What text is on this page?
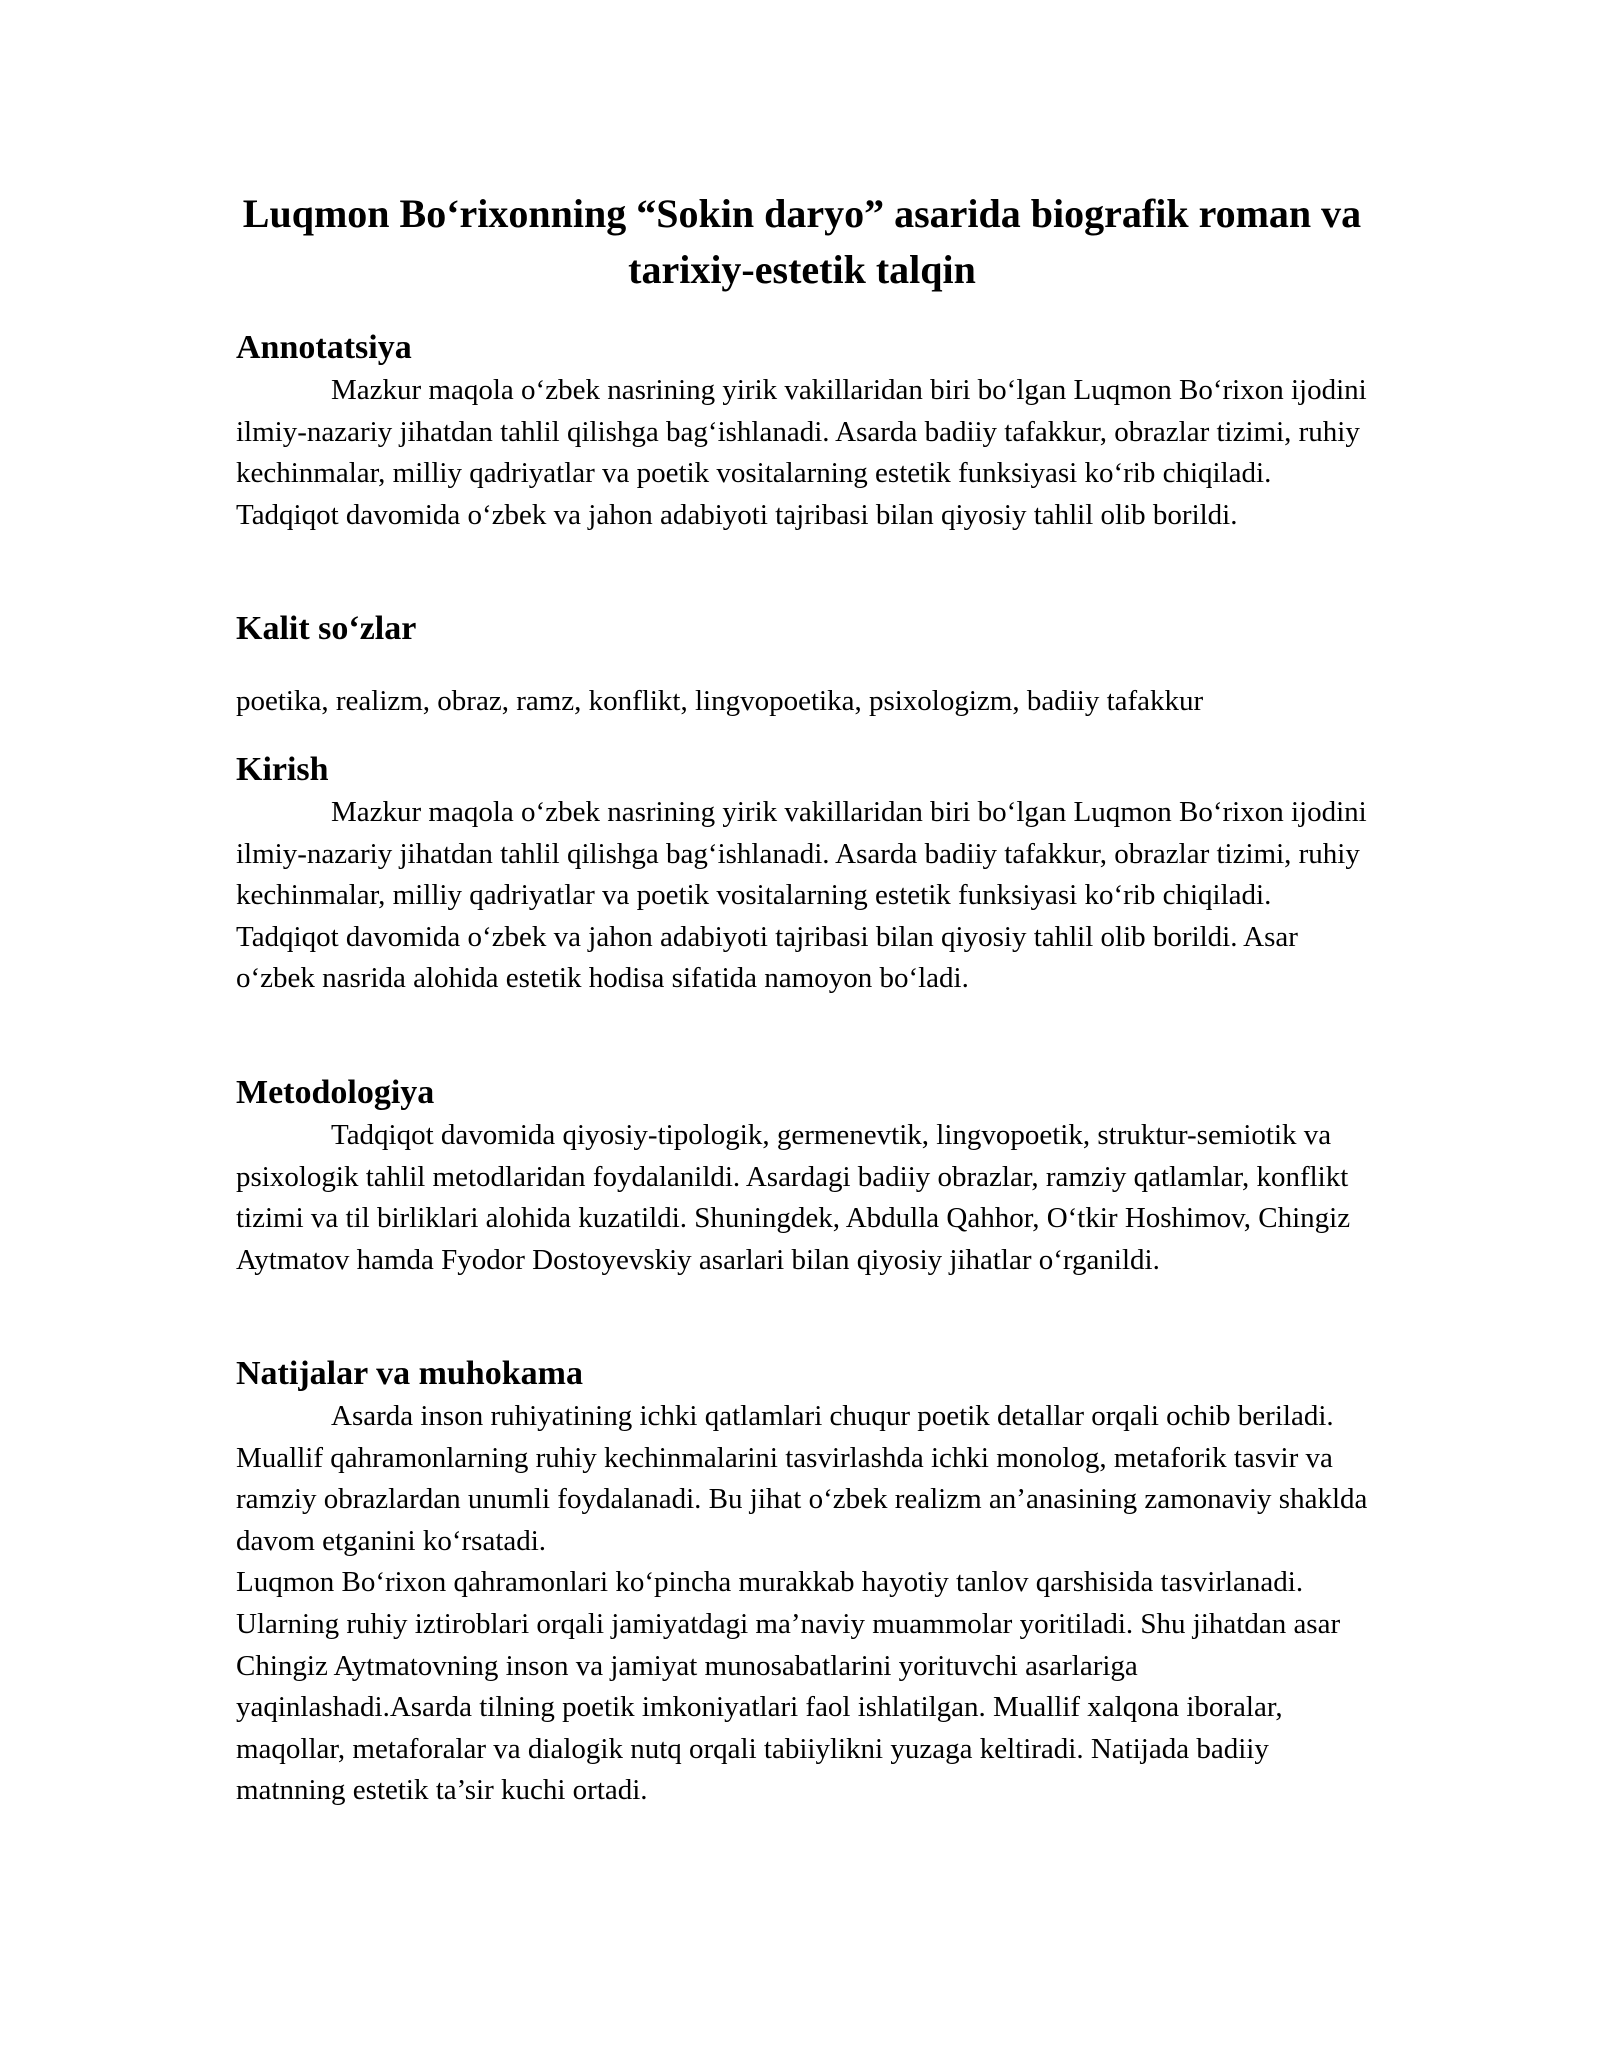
Luqmon Bo‘rixonning “Sokin daryo” asarida biografik roman va tarixiy-estetik talqin
Annotatsiya

Mazkur maqola o‘zbek nasrining yirik vakillaridan biri bo‘lgan Luqmon Bo‘rixon ijodini ilmiy-nazariy jihatdan tahlil qilishga bag‘ishlanadi. Asarda badiiy tafakkur, obrazlar tizimi, ruhiy kechinmalar, milliy qadriyatlar va poetik vositalarning estetik funksiyasi ko‘rib chiqiladi. Tadqiqot davomida o‘zbek va jahon adabiyoti tajribasi bilan qiyosiy tahlil olib borildi.

Kalit so‘zlar

poetika, realizm, obraz, ramz, konflikt, lingvopoetika, psixologizm, badiiy tafakkur

Kirish

Mazkur maqola o‘zbek nasrining yirik vakillaridan biri bo‘lgan Luqmon Bo‘rixon ijodini ilmiy-nazariy jihatdan tahlil qilishga bag‘ishlanadi. Asarda badiiy tafakkur, obrazlar tizimi, ruhiy kechinmalar, milliy qadriyatlar va poetik vositalarning estetik funksiyasi ko‘rib chiqiladi. Tadqiqot davomida o‘zbek va jahon adabiyoti tajribasi bilan qiyosiy tahlil olib borildi. Asar o‘zbek nasrida alohida estetik hodisa sifatida namoyon bo‘ladi.

Metodologiya

Tadqiqot davomida qiyosiy-tipologik, germenevtik, lingvopoetik, struktur-semiotik va psixologik tahlil metodlaridan foydalanildi. Asardagi badiiy obrazlar, ramziy qatlamlar, konflikt tizimi va til birliklari alohida kuzatildi. Shuningdek, Abdulla Qahhor, O‘tkir Hoshimov, Chingiz Aytmatov hamda Fyodor Dostoyevskiy asarlari bilan qiyosiy jihatlar o‘rganildi.

Natijalar va muhokama

Asarda inson ruhiyatining ichki qatlamlari chuqur poetik detallar orqali ochib beriladi. Muallif qahramonlarning ruhiy kechinmalarini tasvirlashda ichki monolog, metaforik tasvir va ramziy obrazlardan unumli foydalanadi. Bu jihat o‘zbek realizm an’anasining zamonaviy shaklda davom etganini ko‘rsatadi.

Luqmon Bo‘rixon qahramonlari ko‘pincha murakkab hayotiy tanlov qarshisida tasvirlanadi. Ularning ruhiy iztiroblari orqali jamiyatdagi ma’naviy muammolar yoritiladi. Shu jihatdan asar Chingiz Aytmatovning inson va jamiyat munosabatlarini yorituvchi asarlariga yaqinlashadi.Asarda tilning poetik imkoniyatlari faol ishlatilgan. Muallif xalqona iboralar, maqollar, metaforalar va dialogik nutq orqali tabiiylikni yuzaga keltiradi. Natijada badiiy matnning estetik ta’sir kuchi ortadi.
